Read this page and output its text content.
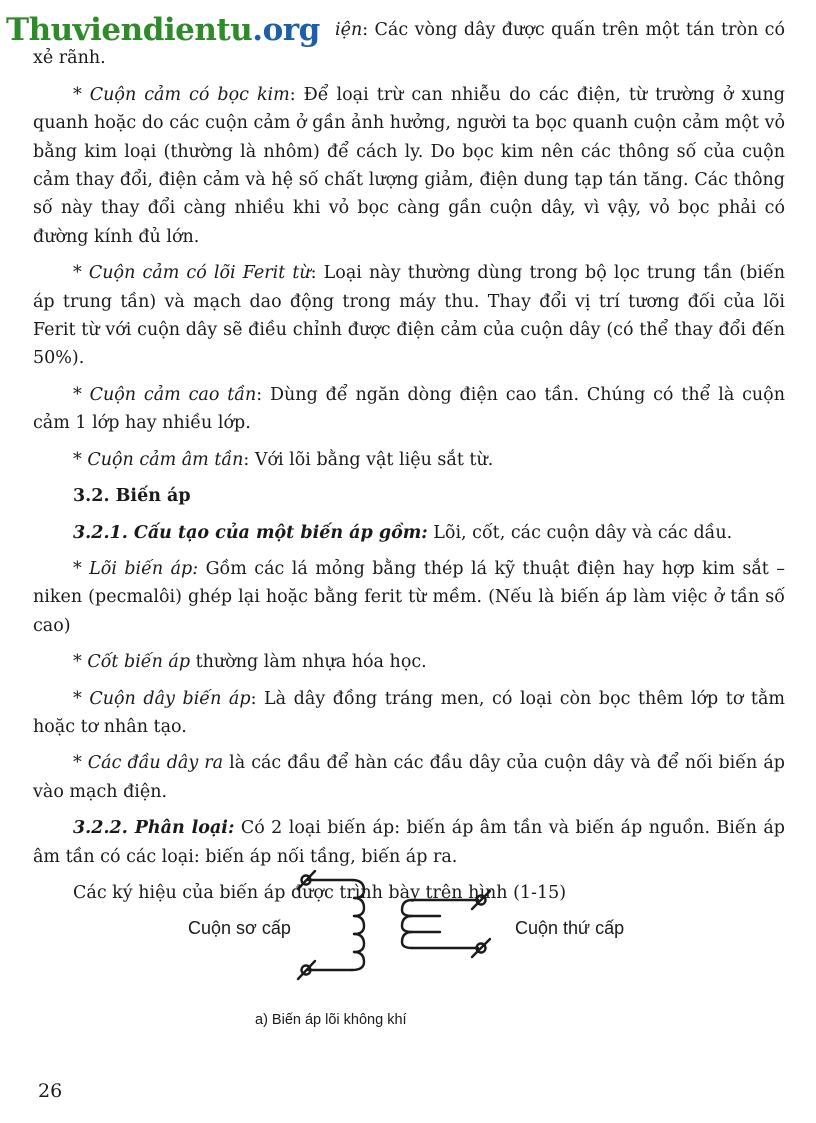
Thuviendientu.org iện: Các vòng dây được quấn trên một tán tròn có xẻ rãnh.

* Cuộn cảm có bọc kim: Để loại trừ can nhiễu do các điện, từ trường ở xung quanh hoặc do các cuộn cảm ở gần ảnh hưởng, người ta bọc quanh cuộn cảm một vỏ bằng kim loại (thường là nhôm) để cách ly. Do bọc kim nên các thông số của cuộn cảm thay đổi, điện cảm và hệ số chất lượng giảm, điện dung tạp tán tăng. Các thông số này thay đổi càng nhiều khi vỏ bọc càng gần cuộn dây, vì vậy, vỏ bọc phải có đường kính đủ lớn.

* Cuộn cảm có lõi Ferit từ: Loại này thường dùng trong bộ lọc trung tần (biến áp trung tần) và mạch dao động trong máy thu. Thay đổi vị trí tương đối của lõi Ferit từ với cuộn dây sẽ điều chỉnh được điện cảm của cuộn dây (có thể thay đổi đến 50%).

* Cuộn cảm cao tần: Dùng để ngăn dòng điện cao tần. Chúng có thể là cuộn cảm 1 lớp hay nhiều lớp.

* Cuộn cảm âm tần: Với lõi bằng vật liệu sắt từ.

3.2. Biến áp

3.2.1. Cấu tạo của một biến áp gồm: Lõi, cốt, các cuộn dây và các dầu.

* Lõi biến áp: Gồm các lá mỏng bằng thép lá kỹ thuật điện hay hợp kim sắt – niken (pecmalôi) ghép lại hoặc bằng ferit từ mềm. (Nếu là biến áp làm việc ở tần số cao)

* Cốt biến áp thường làm nhựa hóa học.

* Cuộn dây biến áp: Là dây đồng tráng men, có loại còn bọc thêm lớp tơ tằm hoặc tơ nhân tạo.

* Các đầu dây ra là các đầu để hàn các đầu dây của cuộn dây và để nối biến áp vào mạch điện.

3.2.2. Phân loại: Có 2 loại biến áp: biến áp âm tần và biến áp nguồn. Biến áp âm tần có các loại: biến áp nối tầng, biến áp ra.

Các ký hiệu của biến áp được trình bày trên hình (1-15)

Cuộn sơ cấp	Cuộn thứ cấp
a) Biến áp lõi không khí
26
